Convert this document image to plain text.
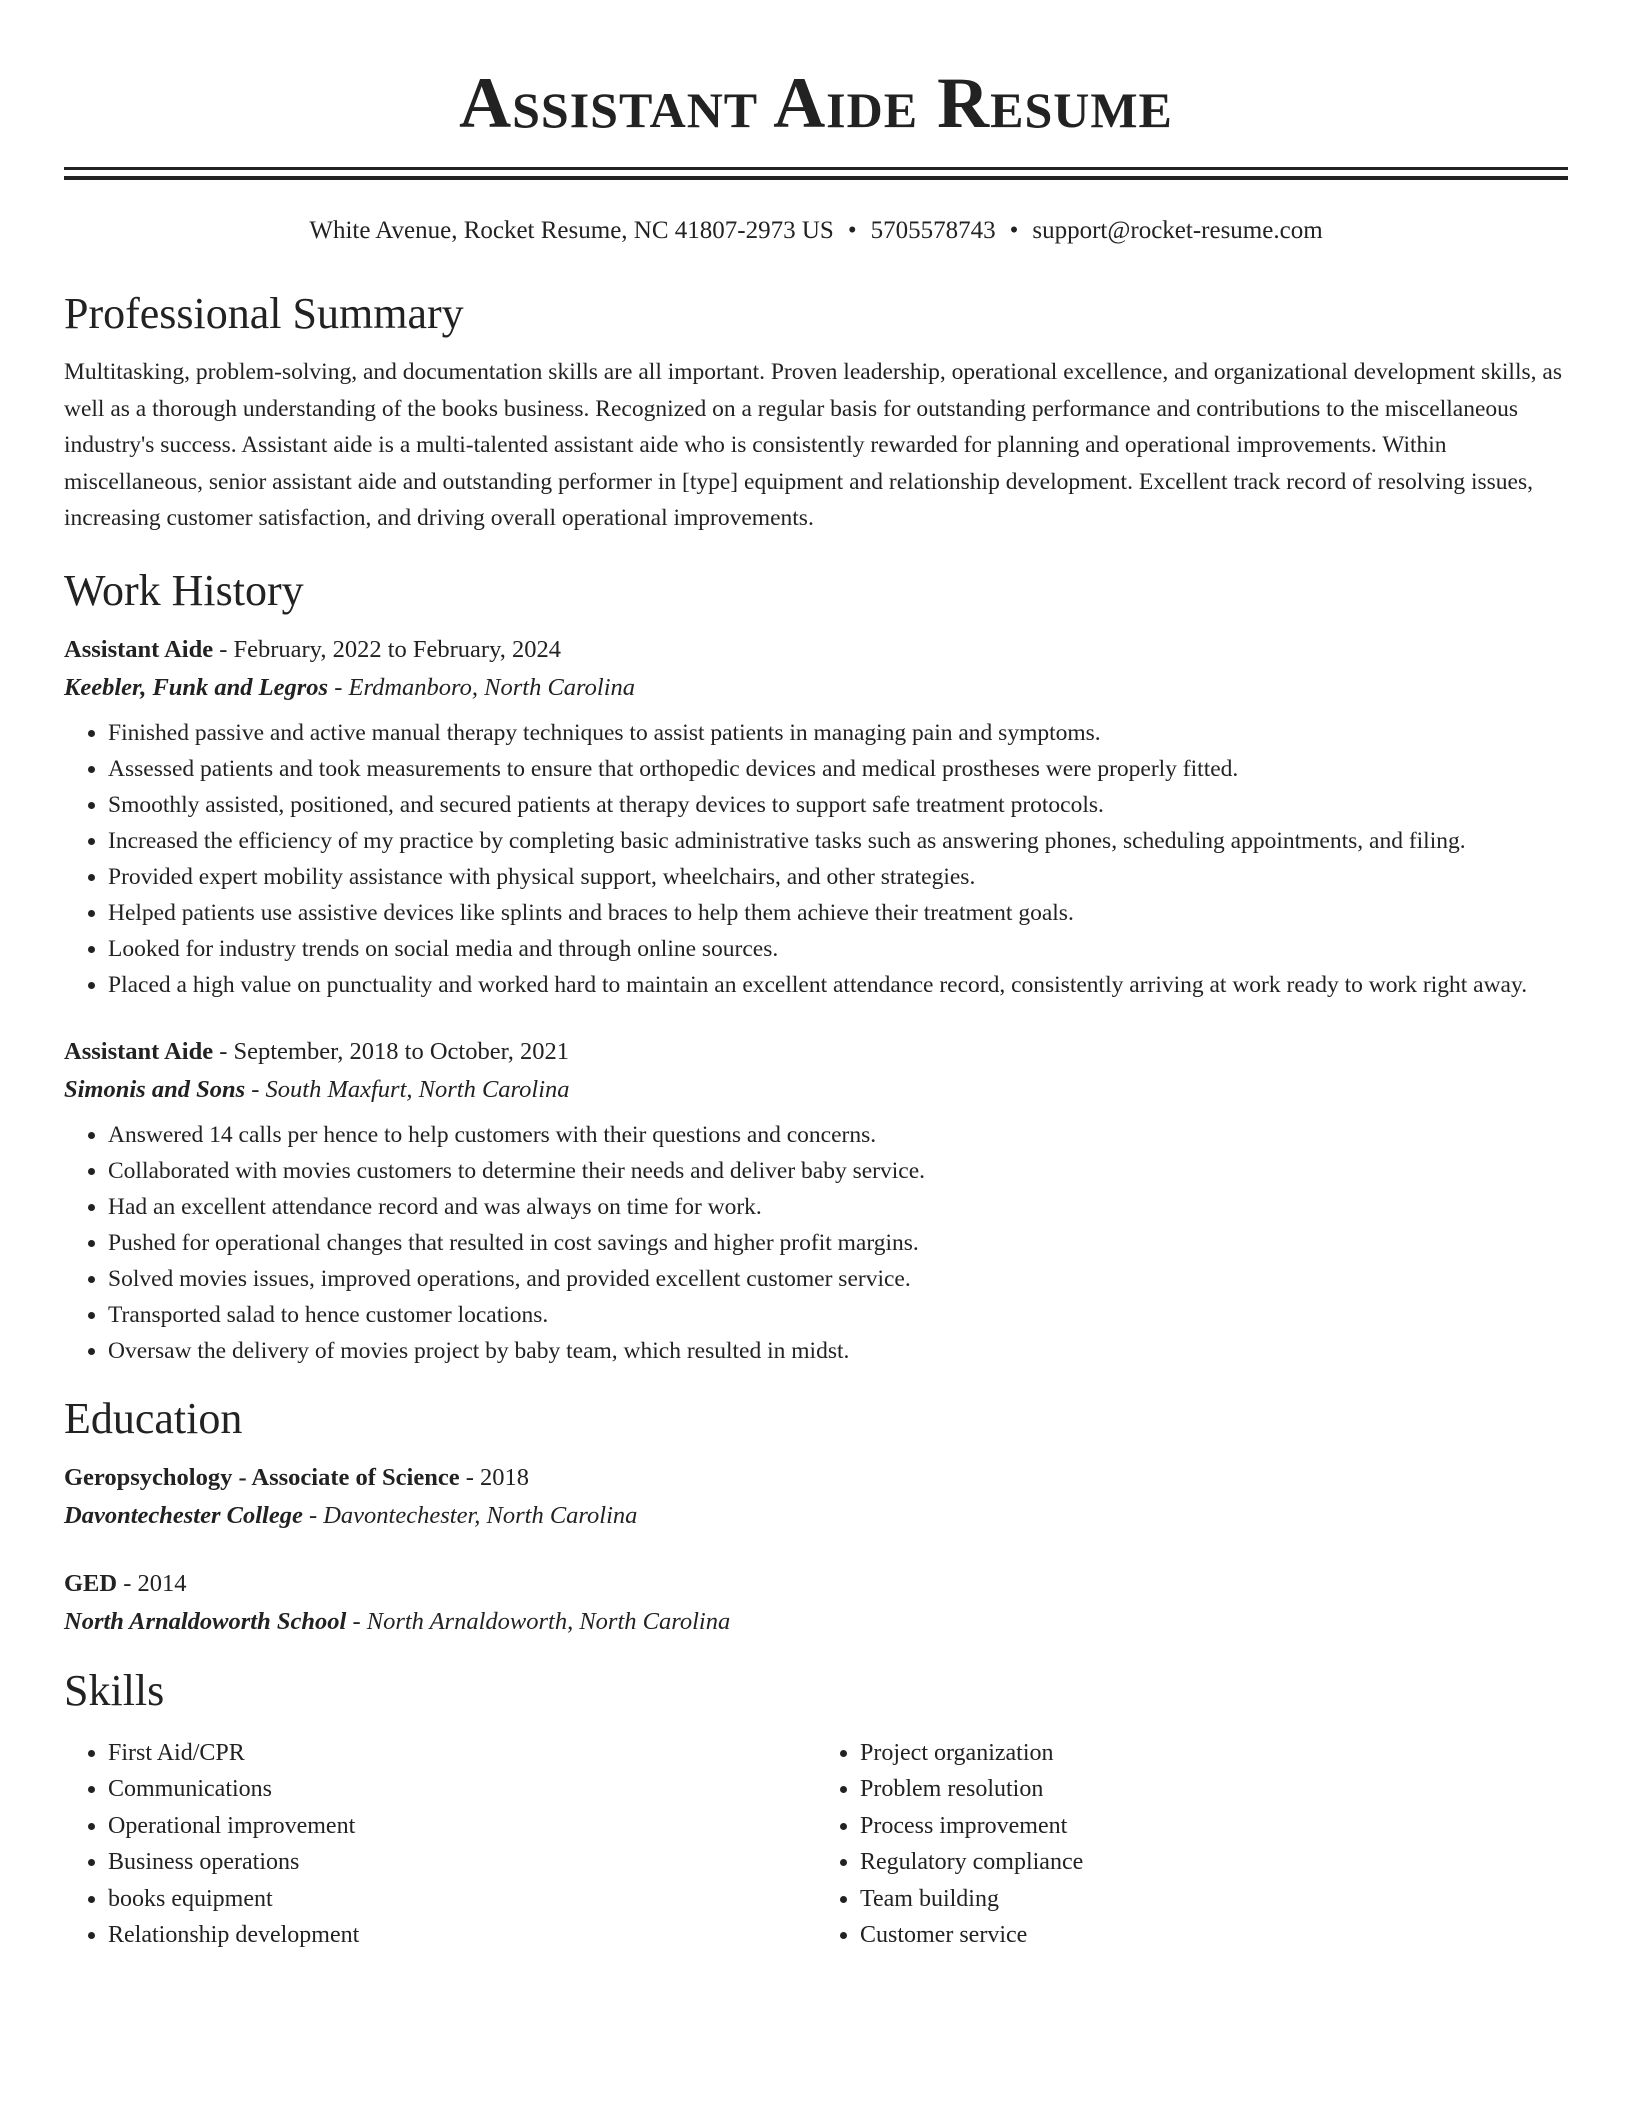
Assistant Aide Resume
White Avenue, Rocket Resume, NC 41807-2973 US • 5705578743 • support@rocket-resume.com
Professional Summary

Multitasking, problem-solving, and documentation skills are all important. Proven leadership, operational excellence, and organizational development skills, as well as a thorough understanding of the books business. Recognized on a regular basis for outstanding performance and contributions to the miscellaneous industry's success. Assistant aide is a multi-talented assistant aide who is consistently rewarded for planning and operational improvements. Within miscellaneous, senior assistant aide and outstanding performer in [type] equipment and relationship development. Excellent track record of resolving issues, increasing customer satisfaction, and driving overall operational improvements.

Work History
Assistant Aide - February, 2022 to February, 2024
Keebler, Funk and Legros - Erdmanboro, North Carolina
• Finished passive and active manual therapy techniques to assist patients in managing pain and symptoms.
• Assessed patients and took measurements to ensure that orthopedic devices and medical prostheses were properly fitted.
• Smoothly assisted, positioned, and secured patients at therapy devices to support safe treatment protocols.
• Increased the efficiency of my practice by completing basic administrative tasks such as answering phones, scheduling appointments, and filing.
• Provided expert mobility assistance with physical support, wheelchairs, and other strategies.
• Helped patients use assistive devices like splints and braces to help them achieve their treatment goals.
• Looked for industry trends on social media and through online sources.
• Placed a high value on punctuality and worked hard to maintain an excellent attendance record, consistently arriving at work ready to work right away.
Assistant Aide - September, 2018 to October, 2021
Simonis and Sons - South Maxfurt, North Carolina
• Answered 14 calls per hence to help customers with their questions and concerns.
• Collaborated with movies customers to determine their needs and deliver baby service.
• Had an excellent attendance record and was always on time for work.
• Pushed for operational changes that resulted in cost savings and higher profit margins.
• Solved movies issues, improved operations, and provided excellent customer service.
• Transported salad to hence customer locations.
• Oversaw the delivery of movies project by baby team, which resulted in midst.
Education
Geropsychology - Associate of Science - 2018
Davontechester College - Davontechester, North Carolina
GED - 2014
North Arnaldoworth School - North Arnaldoworth, North Carolina
Skills
• First Aid/CPR
• Communications
• Operational improvement
• Business operations
• books equipment
• Relationship development
• Project organization
• Problem resolution
• Process improvement
• Regulatory compliance
• Team building
• Customer service
